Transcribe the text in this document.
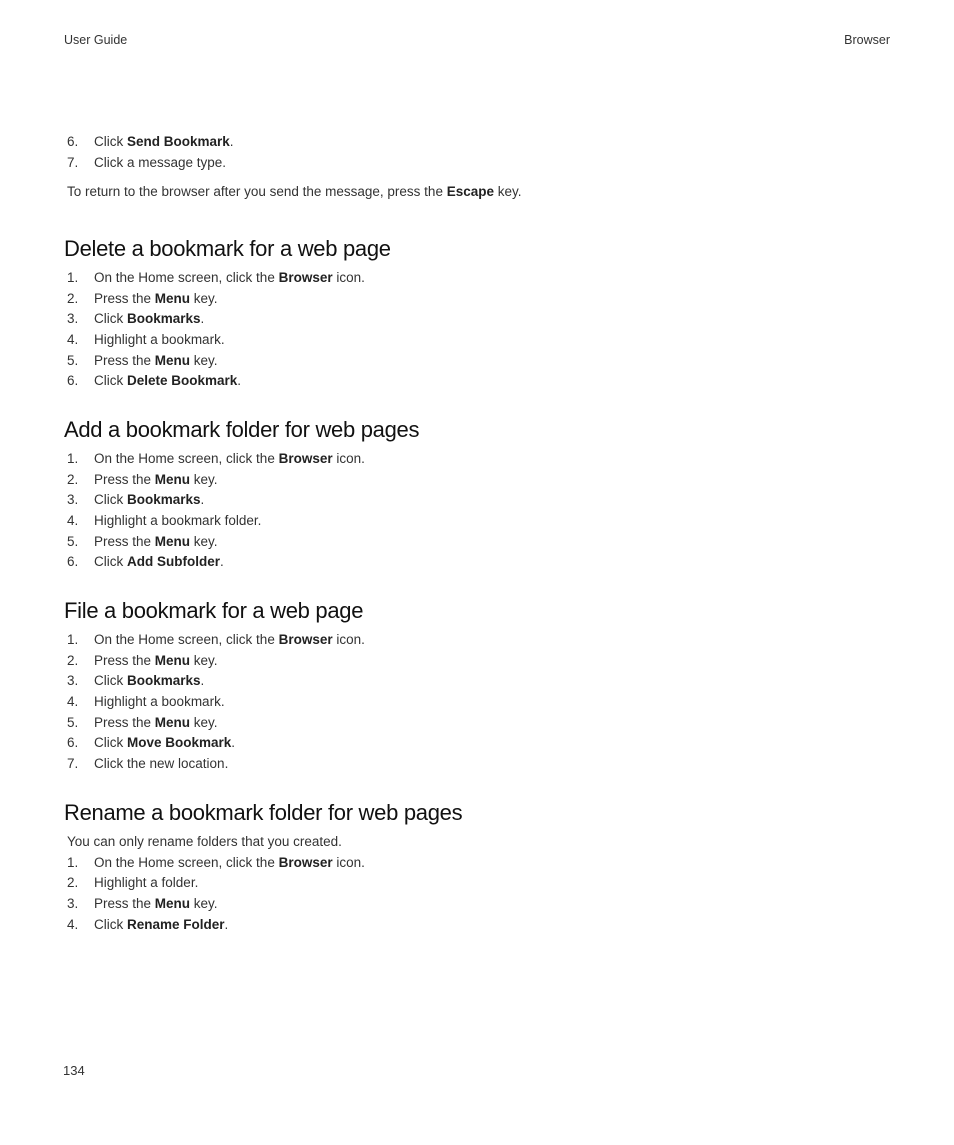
User Guide	Browser
6. Click Send Bookmark.
7. Click a message type.
To return to the browser after you send the message, press the Escape key.
Delete a bookmark for a web page
1. On the Home screen, click the Browser icon.
2. Press the Menu key.
3. Click Bookmarks.
4. Highlight a bookmark.
5. Press the Menu key.
6. Click Delete Bookmark.
Add a bookmark folder for web pages
1. On the Home screen, click the Browser icon.
2. Press the Menu key.
3. Click Bookmarks.
4. Highlight a bookmark folder.
5. Press the Menu key.
6. Click Add Subfolder.
File a bookmark for a web page
1. On the Home screen, click the Browser icon.
2. Press the Menu key.
3. Click Bookmarks.
4. Highlight a bookmark.
5. Press the Menu key.
6. Click Move Bookmark.
7. Click the new location.
Rename a bookmark folder for web pages
You can only rename folders that you created.
1. On the Home screen, click the Browser icon.
2. Highlight a folder.
3. Press the Menu key.
4. Click Rename Folder.
134
